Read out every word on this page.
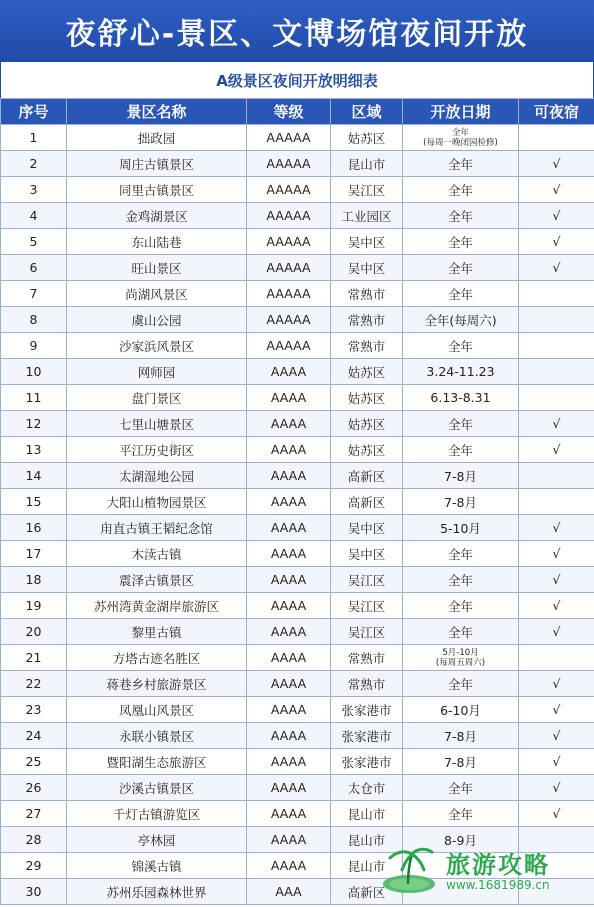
夜舒心-景区、文博场馆夜间开放
A级景区夜间开放明细表
序号	景区名称	等级	区域	开放日期	可夜宿
1	拙政园	AAAAA	姑苏区	全年
(每周一晚闭园检修)	
2	周庄古镇景区	AAAAA	昆山市	全年	√
3	同里古镇景区	AAAAA	吴江区	全年	√
4	金鸡湖景区	AAAAA	工业园区	全年	√
5	东山陆巷	AAAAA	吴中区	全年	√
6	旺山景区	AAAAA	吴中区	全年	√
7	尚湖风景区	AAAAA	常熟市	全年	
8	虞山公园	AAAAA	常熟市	全年(每周六)	
9	沙家浜风景区	AAAAA	常熟市	全年	
10	网师园	AAAA	姑苏区	3.24-11.23	
11	盘门景区	AAAA	姑苏区	6.13-8.31	
12	七里山塘景区	AAAA	姑苏区	全年	√
13	平江历史街区	AAAA	姑苏区	全年	√
14	太湖湿地公园	AAAA	高新区	7-8月	
15	大阳山植物园景区	AAAA	高新区	7-8月	
16	甪直古镇王韬纪念馆	AAAA	吴中区	5-10月	√
17	木渎古镇	AAAA	吴中区	全年	√
18	震泽古镇景区	AAAA	吴江区	全年	√
19	苏州湾黄金湖岸旅游区	AAAA	吴江区	全年	√
20	黎里古镇	AAAA	吴江区	全年	√
21	方塔古迹名胜区	AAAA	常熟市	5月-10月
(每周五周六)	
22	蒋巷乡村旅游景区	AAAA	常熟市	全年	√
23	凤凰山风景区	AAAA	张家港市	6-10月	√
24	永联小镇景区	AAAA	张家港市	7-8月	√
25	暨阳湖生态旅游区	AAAA	张家港市	7-8月	√
26	沙溪古镇景区	AAAA	太仓市	全年	√
27	千灯古镇游览区	AAAA	昆山市	全年	√
28	亭林园	AAAA	昆山市	8-9月	
29	锦溪古镇	AAAA	昆山市		
30	苏州乐园森林世界	AAA	高新区		
旅游攻略
www.1681989.cn
